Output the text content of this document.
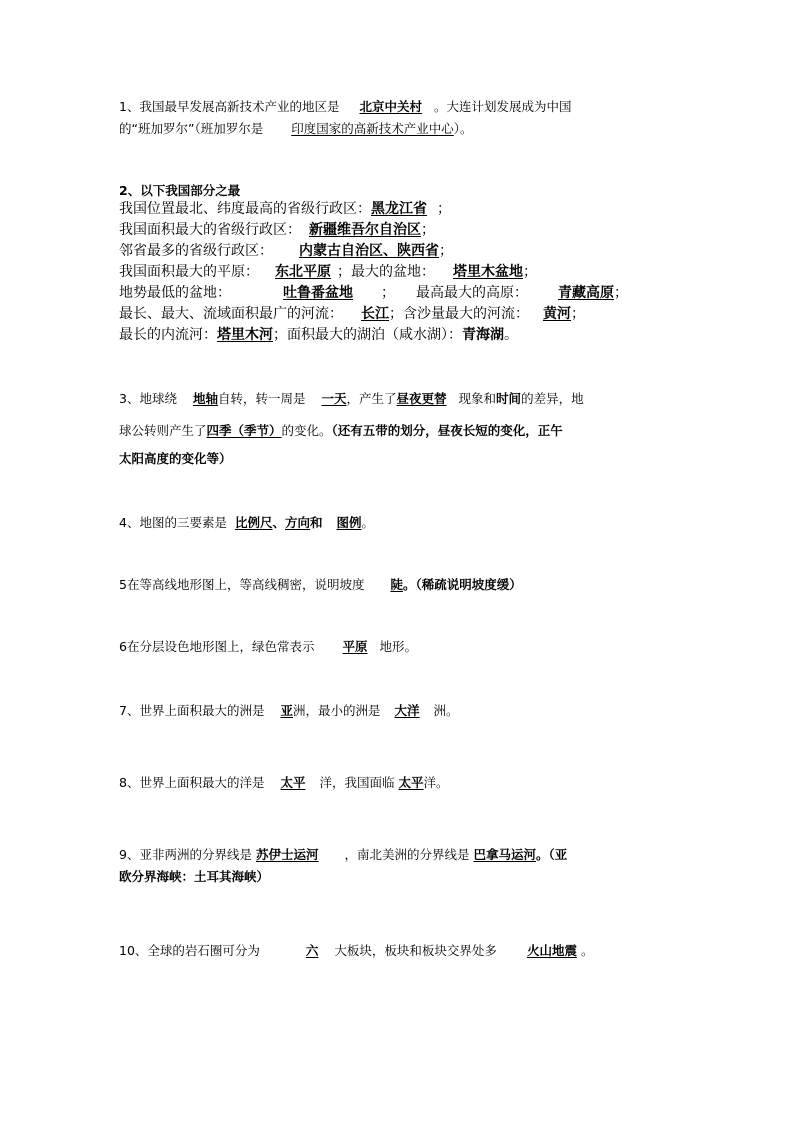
1、我国最早发展高新技术产业的地区是 北京中关村 。大连计划发展成为中国
的“班加罗尔”（班加罗尔是 印度国家的高新技术产业中心）。
2、以下我国部分之最
我国位置最北、纬度最高的省级行政区：黑龙江省 ；
我国面积最大的省级行政区： 新疆维吾尔自治区；
邻省最多的省级行政区： 内蒙古自治区、陕西省；
我国面积最大的平原： 东北平原 ；最大的盆地： 塔里木盆地；
地势最低的盆地：	吐鲁番盆地 ；　　最高最大的高原： 青藏高原；
最长、最大、流域面积最广的河流： 长江；含沙量最大的河流： 黄河；
最长的内流河：塔里木河；面积最大的湖泊（咸水湖）：青海湖。
3、地球绕 地轴自转，转一周是 一天，产生了昼夜更替 现象和时间的差异，地
球公转则产生了四季（季节）的变化。（还有五带的划分，昼夜长短的变化，正午
太阳高度的变化等）
4、地图的三要素是 比例尺、方向和 图例。
5在等高线地形图上，等高线稠密，说明坡度 陡。（稀疏说明坡度缓）
6在分层设色地形图上，绿色常表示 平原 地形。
7、世界上面积最大的洲是 亚洲，最小的洲是 大洋 洲。
8、世界上面积最大的洋是 太平 洋，我国面临 太平洋。
9、亚非两洲的分界线是 苏伊士运河 ，南北美洲的分界线是 巴拿马运河。（亚
欧分界海峡：土耳其海峡）
10、全球的岩石圈可分为	六 大板块，板块和板块交界处多 火山地震 。
